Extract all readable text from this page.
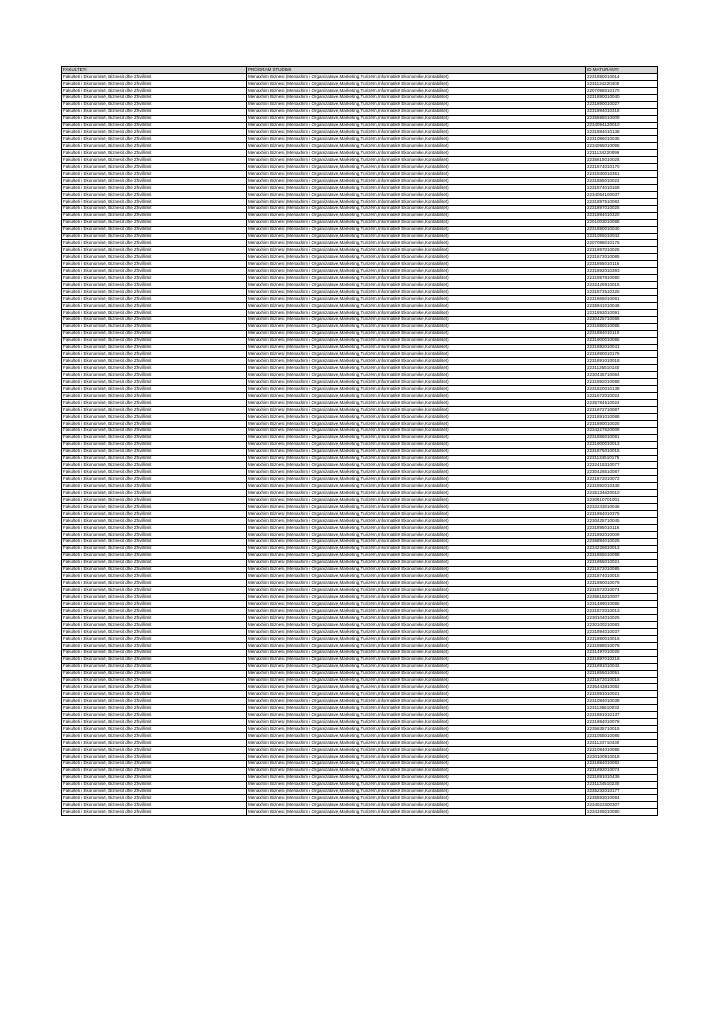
FAKULTETI	PROGRAM STUDIMI	ID MATURANTI
Fakulteti i Ekonomisë, Biznesit dhe Zhvillimit	Menaxhim Biznesi (Menaxhim i Organizatave,Marketing,Turizëm,Informatikë Ekonomike,Kontabilitet)	2231890010014
Fakulteti i Ekonomisë, Biznesit dhe Zhvillimit	Menaxhim Biznesi (Menaxhim i Organizatave,Marketing,Turizëm,Informatikë Ekonomike,Kontabilitet)	2231134220400
Fakulteti i Ekonomisë, Biznesit dhe Zhvillimit	Menaxhim Biznesi (Menaxhim i Organizatave,Marketing,Turizëm,Informatikë Ekonomike,Kontabilitet)	2207098010170
Fakulteti i Ekonomisë, Biznesit dhe Zhvillimit	Menaxhim Biznesi (Menaxhim i Organizatave,Marketing,Turizëm,Informatikë Ekonomike,Kontabilitet)	2231890010040
Fakulteti i Ekonomisë, Biznesit dhe Zhvillimit	Menaxhim Biznesi (Menaxhim i Organizatave,Marketing,Turizëm,Informatikë Ekonomike,Kontabilitet)	2231890010027
Fakulteti i Ekonomisë, Biznesit dhe Zhvillimit	Menaxhim Biznesi (Menaxhim i Organizatave,Marketing,Turizëm,Informatikë Ekonomike,Kontabilitet)	2231894010318
Fakulteti i Ekonomisë, Biznesit dhe Zhvillimit	Menaxhim Biznesi (Menaxhim i Organizatave,Marketing,Turizëm,Informatikë Ekonomike,Kontabilitet)	2235595010009
Fakulteti i Ekonomisë, Biznesit dhe Zhvillimit	Menaxhim Biznesi (Menaxhim i Organizatave,Marketing,Turizëm,Informatikë Ekonomike,Kontabilitet)	2234094120010
Fakulteti i Ekonomisë, Biznesit dhe Zhvillimit	Menaxhim Biznesi (Menaxhim i Organizatave,Marketing,Turizëm,Informatikë Ekonomike,Kontabilitet)	2231894010138
Fakulteti i Ekonomisë, Biznesit dhe Zhvillimit	Menaxhim Biznesi (Menaxhim i Organizatave,Marketing,Turizëm,Informatikë Ekonomike,Kontabilitet)	2231096010035
Fakulteti i Ekonomisë, Biznesit dhe Zhvillimit	Menaxhim Biznesi (Menaxhim i Organizatave,Marketing,Turizëm,Informatikë Ekonomike,Kontabilitet)	2234095010095
Fakulteti i Ekonomisë, Biznesit dhe Zhvillimit	Menaxhim Biznesi (Menaxhim i Organizatave,Marketing,Turizëm,Informatikë Ekonomike,Kontabilitet)	2231134220099
Fakulteti i Ekonomisë, Biznesit dhe Zhvillimit	Menaxhim Biznesi (Menaxhim i Organizatave,Marketing,Turizëm,Informatikë Ekonomike,Kontabilitet)	2235615010025
Fakulteti i Ekonomisë, Biznesit dhe Zhvillimit	Menaxhim Biznesi (Menaxhim i Organizatave,Marketing,Turizëm,Informatikë Ekonomike,Kontabilitet)	2231874010170
Fakulteti i Ekonomisë, Biznesit dhe Zhvillimit	Menaxhim Biznesi (Menaxhim i Organizatave,Marketing,Turizëm,Informatikë Ekonomike,Kontabilitet)	2231830010351
Fakulteti i Ekonomisë, Biznesit dhe Zhvillimit	Menaxhim Biznesi (Menaxhim i Organizatave,Marketing,Turizëm,Informatikë Ekonomike,Kontabilitet)	2231855010022
Fakulteti i Ekonomisë, Biznesit dhe Zhvillimit	Menaxhim Biznesi (Menaxhim i Organizatave,Marketing,Turizëm,Informatikë Ekonomike,Kontabilitet)	2231874010169
Fakulteti i Ekonomisë, Biznesit dhe Zhvillimit	Menaxhim Biznesi (Menaxhim i Organizatave,Marketing,Turizëm,Informatikë Ekonomike,Kontabilitet)	2234054100037
Fakulteti i Ekonomisë, Biznesit dhe Zhvillimit	Menaxhim Biznesi (Menaxhim i Organizatave,Marketing,Turizëm,Informatikë Ekonomike,Kontabilitet)	2231897510082
Fakulteti i Ekonomisë, Biznesit dhe Zhvillimit	Menaxhim Biznesi (Menaxhim i Organizatave,Marketing,Turizëm,Informatikë Ekonomike,Kontabilitet)	2231897010025
Fakulteti i Ekonomisë, Biznesit dhe Zhvillimit	Menaxhim Biznesi (Menaxhim i Organizatave,Marketing,Turizëm,Informatikë Ekonomike,Kontabilitet)	2231894010320
Fakulteti i Ekonomisë, Biznesit dhe Zhvillimit	Menaxhim Biznesi (Menaxhim i Organizatave,Marketing,Turizëm,Informatikë Ekonomike,Kontabilitet)	2201003010088
Fakulteti i Ekonomisë, Biznesit dhe Zhvillimit	Menaxhim Biznesi (Menaxhim i Organizatave,Marketing,Turizëm,Informatikë Ekonomike,Kontabilitet)	2231890010040
Fakulteti i Ekonomisë, Biznesit dhe Zhvillimit	Menaxhim Biznesi (Menaxhim i Organizatave,Marketing,Turizëm,Informatikë Ekonomike,Kontabilitet)	2231055010042
Fakulteti i Ekonomisë, Biznesit dhe Zhvillimit	Menaxhim Biznesi (Menaxhim i Organizatave,Marketing,Turizëm,Informatikë Ekonomike,Kontabilitet)	2207098010176
Fakulteti i Ekonomisë, Biznesit dhe Zhvillimit	Menaxhim Biznesi (Menaxhim i Organizatave,Marketing,Turizëm,Informatikë Ekonomike,Kontabilitet)	2231897010025
Fakulteti i Ekonomisë, Biznesit dhe Zhvillimit	Menaxhim Biznesi (Menaxhim i Organizatave,Marketing,Turizëm,Informatikë Ekonomike,Kontabilitet)	2231672010085
Fakulteti i Ekonomisë, Biznesit dhe Zhvillimit	Menaxhim Biznesi (Menaxhim i Organizatave,Marketing,Turizëm,Informatikë Ekonomike,Kontabilitet)	2231895010116
Fakulteti i Ekonomisë, Biznesit dhe Zhvillimit	Menaxhim Biznesi (Menaxhim i Organizatave,Marketing,Turizëm,Informatikë Ekonomike,Kontabilitet)	2231892010393
Fakulteti i Ekonomisë, Biznesit dhe Zhvillimit	Menaxhim Biznesi (Menaxhim i Organizatave,Marketing,Turizëm,Informatikë Ekonomike,Kontabilitet)	2231897810080
Fakulteti i Ekonomisë, Biznesit dhe Zhvillimit	Menaxhim Biznesi (Menaxhim i Organizatave,Marketing,Turizëm,Informatikë Ekonomike,Kontabilitet)	2232426910015
Fakulteti i Ekonomisë, Biznesit dhe Zhvillimit	Menaxhim Biznesi (Menaxhim i Organizatave,Marketing,Turizëm,Informatikë Ekonomike,Kontabilitet)	2231872510325
Fakulteti i Ekonomisë, Biznesit dhe Zhvillimit	Menaxhim Biznesi (Menaxhim i Organizatave,Marketing,Turizëm,Informatikë Ekonomike,Kontabilitet)	2231865010081
Fakulteti i Ekonomisë, Biznesit dhe Zhvillimit	Menaxhim Biznesi (Menaxhim i Organizatave,Marketing,Turizëm,Informatikë Ekonomike,Kontabilitet)	2235941010048
Fakulteti i Ekonomisë, Biznesit dhe Zhvillimit	Menaxhim Biznesi (Menaxhim i Organizatave,Marketing,Turizëm,Informatikë Ekonomike,Kontabilitet)	2231892010091
Fakulteti i Ekonomisë, Biznesit dhe Zhvillimit	Menaxhim Biznesi (Menaxhim i Organizatave,Marketing,Turizëm,Informatikë Ekonomike,Kontabilitet)	2230425710086
Fakulteti i Ekonomisë, Biznesit dhe Zhvillimit	Menaxhim Biznesi (Menaxhim i Organizatave,Marketing,Turizëm,Informatikë Ekonomike,Kontabilitet)	2231885010085
Fakulteti i Ekonomisë, Biznesit dhe Zhvillimit	Menaxhim Biznesi (Menaxhim i Organizatave,Marketing,Turizëm,Informatikë Ekonomike,Kontabilitet)	2231894010110
Fakulteti i Ekonomisë, Biznesit dhe Zhvillimit	Menaxhim Biznesi (Menaxhim i Organizatave,Marketing,Turizëm,Informatikë Ekonomike,Kontabilitet)	2231900010085
Fakulteti i Ekonomisë, Biznesit dhe Zhvillimit	Menaxhim Biznesi (Menaxhim i Organizatave,Marketing,Turizëm,Informatikë Ekonomike,Kontabilitet)	2231892010041
Fakulteti i Ekonomisë, Biznesit dhe Zhvillimit	Menaxhim Biznesi (Menaxhim i Organizatave,Marketing,Turizëm,Informatikë Ekonomike,Kontabilitet)	2231890010176
Fakulteti i Ekonomisë, Biznesit dhe Zhvillimit	Menaxhim Biznesi (Menaxhim i Organizatave,Marketing,Turizëm,Informatikë Ekonomike,Kontabilitet)	2231891010018
Fakulteti i Ekonomisë, Biznesit dhe Zhvillimit	Menaxhim Biznesi (Menaxhim i Organizatave,Marketing,Turizëm,Informatikë Ekonomike,Kontabilitet)	2231135510140
Fakulteti i Ekonomisë, Biznesit dhe Zhvillimit	Menaxhim Biznesi (Menaxhim i Organizatave,Marketing,Turizëm,Informatikë Ekonomike,Kontabilitet)	2230435710084
Fakulteti i Ekonomisë, Biznesit dhe Zhvillimit	Menaxhim Biznesi (Menaxhim i Organizatave,Marketing,Turizëm,Informatikë Ekonomike,Kontabilitet)	2231892010089
Fakulteti i Ekonomisë, Biznesit dhe Zhvillimit	Menaxhim Biznesi (Menaxhim i Organizatave,Marketing,Turizëm,Informatikë Ekonomike,Kontabilitet)	2231820010138
Fakulteti i Ekonomisë, Biznesit dhe Zhvillimit	Menaxhim Biznesi (Menaxhim i Organizatave,Marketing,Turizëm,Informatikë Ekonomike,Kontabilitet)	2231672010024
Fakulteti i Ekonomisë, Biznesit dhe Zhvillimit	Menaxhim Biznesi (Menaxhim i Organizatave,Marketing,Turizëm,Informatikë Ekonomike,Kontabilitet)	2235784510024
Fakulteti i Ekonomisë, Biznesit dhe Zhvillimit	Menaxhim Biznesi (Menaxhim i Organizatave,Marketing,Turizëm,Informatikë Ekonomike,Kontabilitet)	2231872710087
Fakulteti i Ekonomisë, Biznesit dhe Zhvillimit	Menaxhim Biznesi (Menaxhim i Organizatave,Marketing,Turizëm,Informatikë Ekonomike,Kontabilitet)	2231891010088
Fakulteti i Ekonomisë, Biznesit dhe Zhvillimit	Menaxhim Biznesi (Menaxhim i Organizatave,Marketing,Turizëm,Informatikë Ekonomike,Kontabilitet)	2231890010025
Fakulteti i Ekonomisë, Biznesit dhe Zhvillimit	Menaxhim Biznesi (Menaxhim i Organizatave,Marketing,Turizëm,Informatikë Ekonomike,Kontabilitet)	2234227620009
Fakulteti i Ekonomisë, Biznesit dhe Zhvillimit	Menaxhim Biznesi (Menaxhim i Organizatave,Marketing,Turizëm,Informatikë Ekonomike,Kontabilitet)	2231856010081
Fakulteti i Ekonomisë, Biznesit dhe Zhvillimit	Menaxhim Biznesi (Menaxhim i Organizatave,Marketing,Turizëm,Informatikë Ekonomike,Kontabilitet)	2231900010013
Fakulteti i Ekonomisë, Biznesit dhe Zhvillimit	Menaxhim Biznesi (Menaxhim i Organizatave,Marketing,Turizëm,Informatikë Ekonomike,Kontabilitet)	2231875010015
Fakulteti i Ekonomisë, Biznesit dhe Zhvillimit	Menaxhim Biznesi (Menaxhim i Organizatave,Marketing,Turizëm,Informatikë Ekonomike,Kontabilitet)	2231134510175
Fakulteti i Ekonomisë, Biznesit dhe Zhvillimit	Menaxhim Biznesi (Menaxhim i Organizatave,Marketing,Turizëm,Informatikë Ekonomike,Kontabilitet)	2232418310077
Fakulteti i Ekonomisë, Biznesit dhe Zhvillimit	Menaxhim Biznesi (Menaxhim i Organizatave,Marketing,Turizëm,Informatikë Ekonomike,Kontabilitet)	2230426610087
Fakulteti i Ekonomisë, Biznesit dhe Zhvillimit	Menaxhim Biznesi (Menaxhim i Organizatave,Marketing,Turizëm,Informatikë Ekonomike,Kontabilitet)	2231872010072
Fakulteti i Ekonomisë, Biznesit dhe Zhvillimit	Menaxhim Biznesi (Menaxhim i Organizatave,Marketing,Turizëm,Informatikë Ekonomike,Kontabilitet)	2231892010349
Fakulteti i Ekonomisë, Biznesit dhe Zhvillimit	Menaxhim Biznesi (Menaxhim i Organizatave,Marketing,Turizëm,Informatikë Ekonomike,Kontabilitet)	2235134620010
Fakulteti i Ekonomisë, Biznesit dhe Zhvillimit	Menaxhim Biznesi (Menaxhim i Organizatave,Marketing,Turizëm,Informatikë Ekonomike,Kontabilitet)	2230610701001
Fakulteti i Ekonomisë, Biznesit dhe Zhvillimit	Menaxhim Biznesi (Menaxhim i Organizatave,Marketing,Turizëm,Informatikë Ekonomike,Kontabilitet)	2232243010046
Fakulteti i Ekonomisë, Biznesit dhe Zhvillimit	Menaxhim Biznesi (Menaxhim i Organizatave,Marketing,Turizëm,Informatikë Ekonomike,Kontabilitet)	2231894010375
Fakulteti i Ekonomisë, Biznesit dhe Zhvillimit	Menaxhim Biznesi (Menaxhim i Organizatave,Marketing,Turizëm,Informatikë Ekonomike,Kontabilitet)	2230425710045
Fakulteti i Ekonomisë, Biznesit dhe Zhvillimit	Menaxhim Biznesi (Menaxhim i Organizatave,Marketing,Turizëm,Informatikë Ekonomike,Kontabilitet)	2231895010116
Fakulteti i Ekonomisë, Biznesit dhe Zhvillimit	Menaxhim Biznesi (Menaxhim i Organizatave,Marketing,Turizëm,Informatikë Ekonomike,Kontabilitet)	2231892010009
Fakulteti i Ekonomisë, Biznesit dhe Zhvillimit	Menaxhim Biznesi (Menaxhim i Organizatave,Marketing,Turizëm,Informatikë Ekonomike,Kontabilitet)	2236894010026
Fakulteti i Ekonomisë, Biznesit dhe Zhvillimit	Menaxhim Biznesi (Menaxhim i Organizatave,Marketing,Turizëm,Informatikë Ekonomike,Kontabilitet)	2234226610013
Fakulteti i Ekonomisë, Biznesit dhe Zhvillimit	Menaxhim Biznesi (Menaxhim i Organizatave,Marketing,Turizëm,Informatikë Ekonomike,Kontabilitet)	2231855010098
Fakulteti i Ekonomisë, Biznesit dhe Zhvillimit	Menaxhim Biznesi (Menaxhim i Organizatave,Marketing,Turizëm,Informatikë Ekonomike,Kontabilitet)	2231855010021
Fakulteti i Ekonomisë, Biznesit dhe Zhvillimit	Menaxhim Biznesi (Menaxhim i Organizatave,Marketing,Turizëm,Informatikë Ekonomike,Kontabilitet)	2231872010085
Fakulteti i Ekonomisë, Biznesit dhe Zhvillimit	Menaxhim Biznesi (Menaxhim i Organizatave,Marketing,Turizëm,Informatikë Ekonomike,Kontabilitet)	2231874010015
Fakulteti i Ekonomisë, Biznesit dhe Zhvillimit	Menaxhim Biznesi (Menaxhim i Organizatave,Marketing,Turizëm,Informatikë Ekonomike,Kontabilitet)	2231890010079
Fakulteti i Ekonomisë, Biznesit dhe Zhvillimit	Menaxhim Biznesi (Menaxhim i Organizatave,Marketing,Turizëm,Informatikë Ekonomike,Kontabilitet)	2231872010074
Fakulteti i Ekonomisë, Biznesit dhe Zhvillimit	Menaxhim Biznesi (Menaxhim i Organizatave,Marketing,Turizëm,Informatikë Ekonomike,Kontabilitet)	2235815010007
Fakulteti i Ekonomisë, Biznesit dhe Zhvillimit	Menaxhim Biznesi (Menaxhim i Organizatave,Marketing,Turizëm,Informatikë Ekonomike,Kontabilitet)	2231489010085
Fakulteti i Ekonomisë, Biznesit dhe Zhvillimit	Menaxhim Biznesi (Menaxhim i Organizatave,Marketing,Turizëm,Informatikë Ekonomike,Kontabilitet)	2231872010013
Fakulteti i Ekonomisë, Biznesit dhe Zhvillimit	Menaxhim Biznesi (Menaxhim i Organizatave,Marketing,Turizëm,Informatikë Ekonomike,Kontabilitet)	2230104010025
Fakulteti i Ekonomisë, Biznesit dhe Zhvillimit	Menaxhim Biznesi (Menaxhim i Organizatave,Marketing,Turizëm,Informatikë Ekonomike,Kontabilitet)	2230100210083
Fakulteti i Ekonomisë, Biznesit dhe Zhvillimit	Menaxhim Biznesi (Menaxhim i Organizatave,Marketing,Turizëm,Informatikë Ekonomike,Kontabilitet)	2231894010037
Fakulteti i Ekonomisë, Biznesit dhe Zhvillimit	Menaxhim Biznesi (Menaxhim i Organizatave,Marketing,Turizëm,Informatikë Ekonomike,Kontabilitet)	2231890010015
Fakulteti i Ekonomisë, Biznesit dhe Zhvillimit	Menaxhim Biznesi (Menaxhim i Organizatave,Marketing,Turizëm,Informatikë Ekonomike,Kontabilitet)	2231898010078
Fakulteti i Ekonomisë, Biznesit dhe Zhvillimit	Menaxhim Biznesi (Menaxhim i Organizatave,Marketing,Turizëm,Informatikë Ekonomike,Kontabilitet)	2231497010025
Fakulteti i Ekonomisë, Biznesit dhe Zhvillimit	Menaxhim Biznesi (Menaxhim i Organizatave,Marketing,Turizëm,Informatikë Ekonomike,Kontabilitet)	2231897010218
Fakulteti i Ekonomisë, Biznesit dhe Zhvillimit	Menaxhim Biznesi (Menaxhim i Organizatave,Marketing,Turizëm,Informatikë Ekonomike,Kontabilitet)	2231891010042
Fakulteti i Ekonomisë, Biznesit dhe Zhvillimit	Menaxhim Biznesi (Menaxhim i Organizatave,Marketing,Turizëm,Informatikë Ekonomike,Kontabilitet)	2231855010051
Fakulteti i Ekonomisë, Biznesit dhe Zhvillimit	Menaxhim Biznesi (Menaxhim i Organizatave,Marketing,Turizëm,Informatikë Ekonomike,Kontabilitet)	2231872010015
Fakulteti i Ekonomisë, Biznesit dhe Zhvillimit	Menaxhim Biznesi (Menaxhim i Organizatave,Marketing,Turizëm,Informatikë Ekonomike,Kontabilitet)	2235443810082
Fakulteti i Ekonomisë, Biznesit dhe Zhvillimit	Menaxhim Biznesi (Menaxhim i Organizatave,Marketing,Turizëm,Informatikë Ekonomike,Kontabilitet)	2231891010021
Fakulteti i Ekonomisë, Biznesit dhe Zhvillimit	Menaxhim Biznesi (Menaxhim i Organizatave,Marketing,Turizëm,Informatikë Ekonomike,Kontabilitet)	2231094010038
Fakulteti i Ekonomisë, Biznesit dhe Zhvillimit	Menaxhim Biznesi (Menaxhim i Organizatave,Marketing,Turizëm,Informatikë Ekonomike,Kontabilitet)	2231135610032
Fakulteti i Ekonomisë, Biznesit dhe Zhvillimit	Menaxhim Biznesi (Menaxhim i Organizatave,Marketing,Turizëm,Informatikë Ekonomike,Kontabilitet)	2231891010137
Fakulteti i Ekonomisë, Biznesit dhe Zhvillimit	Menaxhim Biznesi (Menaxhim i Organizatave,Marketing,Turizëm,Informatikë Ekonomike,Kontabilitet)	2231894010078
Fakulteti i Ekonomisë, Biznesit dhe Zhvillimit	Menaxhim Biznesi (Menaxhim i Organizatave,Marketing,Turizëm,Informatikë Ekonomike,Kontabilitet)	2235835710015
Fakulteti i Ekonomisë, Biznesit dhe Zhvillimit	Menaxhim Biznesi (Menaxhim i Organizatave,Marketing,Turizëm,Informatikë Ekonomike,Kontabilitet)	2231055010085
Fakulteti i Ekonomisë, Biznesit dhe Zhvillimit	Menaxhim Biznesi (Menaxhim i Organizatave,Marketing,Turizëm,Informatikë Ekonomike,Kontabilitet)	2231134710430
Fakulteti i Ekonomisë, Biznesit dhe Zhvillimit	Menaxhim Biznesi (Menaxhim i Organizatave,Marketing,Turizëm,Informatikë Ekonomike,Kontabilitet)	2231094010085
Fakulteti i Ekonomisë, Biznesit dhe Zhvillimit	Menaxhim Biznesi (Menaxhim i Organizatave,Marketing,Turizëm,Informatikë Ekonomike,Kontabilitet)	2230100910018
Fakulteti i Ekonomisë, Biznesit dhe Zhvillimit	Menaxhim Biznesi (Menaxhim i Organizatave,Marketing,Turizëm,Informatikë Ekonomike,Kontabilitet)	2231894010082
Fakulteti i Ekonomisë, Biznesit dhe Zhvillimit	Menaxhim Biznesi (Menaxhim i Organizatave,Marketing,Turizëm,Informatikë Ekonomike,Kontabilitet)	2231892010074
Fakulteti i Ekonomisë, Biznesit dhe Zhvillimit	Menaxhim Biznesi (Menaxhim i Organizatave,Marketing,Turizëm,Informatikë Ekonomike,Kontabilitet)	2231891010439
Fakulteti i Ekonomisë, Biznesit dhe Zhvillimit	Menaxhim Biznesi (Menaxhim i Organizatave,Marketing,Turizëm,Informatikë Ekonomike,Kontabilitet)	2231134510230
Fakulteti i Ekonomisë, Biznesit dhe Zhvillimit	Menaxhim Biznesi (Menaxhim i Organizatave,Marketing,Turizëm,Informatikë Ekonomike,Kontabilitet)	2235232010177
Fakulteti i Ekonomisë, Biznesit dhe Zhvillimit	Menaxhim Biznesi (Menaxhim i Organizatave,Marketing,Turizëm,Informatikë Ekonomike,Kontabilitet)	2235593010084
Fakulteti i Ekonomisë, Biznesit dhe Zhvillimit	Menaxhim Biznesi (Menaxhim i Organizatave,Marketing,Turizëm,Informatikë Ekonomike,Kontabilitet)	2234023300307
Fakulteti i Ekonomisë, Biznesit dhe Zhvillimit	Menaxhim Biznesi (Menaxhim i Organizatave,Marketing,Turizëm,Informatikë Ekonomike,Kontabilitet)	2234155010080
